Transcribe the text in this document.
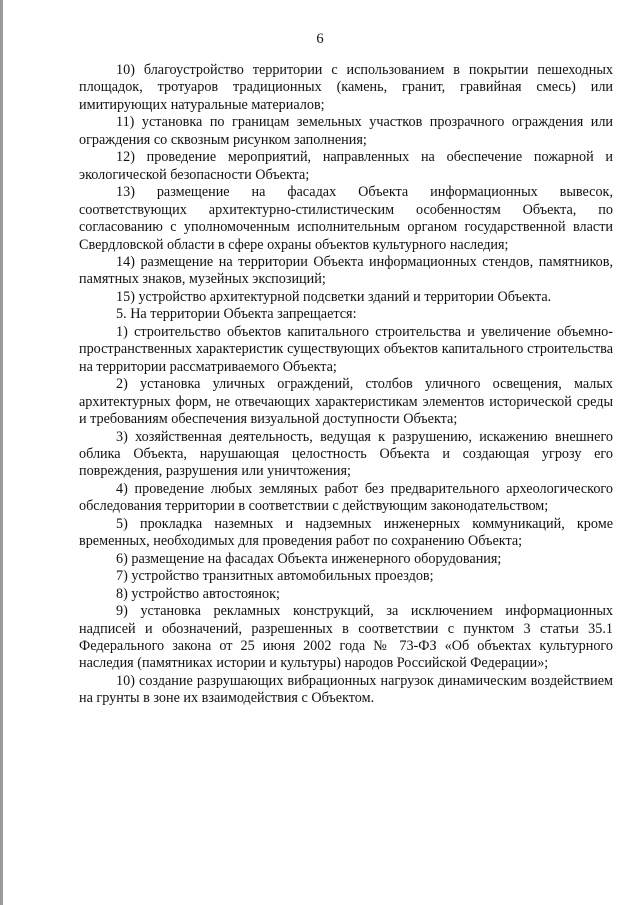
6

10) благоустройство территории с использованием в покрытии пешеходных площадок, тротуаров традиционных (камень, гранит, гравийная смесь) или имитирующих натуральные материалов;

11) установка по границам земельных участков прозрачного ограждения или ограждения со сквозным рисунком заполнения;

12) проведение мероприятий, направленных на обеспечение пожарной и экологической безопасности Объекта;

13) размещение на фасадах Объекта информационных вывесок, соответствующих архитектурно-стилистическим особенностям Объекта, по согласованию с уполномоченным исполнительным органом государственной власти Свердловской области в сфере охраны объектов культурного наследия;

14) размещение на территории Объекта информационных стендов, памятников, памятных знаков, музейных экспозиций;

15) устройство архитектурной подсветки зданий и территории Объекта.

5. На территории Объекта запрещается:

1) строительство объектов капитального строительства и увеличение объемно-пространственных характеристик существующих объектов капитального строительства на территории рассматриваемого Объекта;

2) установка уличных ограждений, столбов уличного освещения, малых архитектурных форм, не отвечающих характеристикам элементов исторической среды и требованиям обеспечения визуальной доступности Объекта;

3) хозяйственная деятельность, ведущая к разрушению, искажению внешнего облика Объекта, нарушающая целостность Объекта и создающая угрозу его повреждения, разрушения или уничтожения;

4) проведение любых земляных работ без предварительного археологического обследования территории в соответствии с действующим законодательством;

5) прокладка наземных и надземных инженерных коммуникаций, кроме временных, необходимых для проведения работ по сохранению Объекта;

6) размещение на фасадах Объекта инженерного оборудования;

7) устройство транзитных автомобильных проездов;

8) устройство автостоянок;

9) установка рекламных конструкций, за исключением информационных надписей и обозначений, разрешенных в соответствии с пунктом 3 статьи 35.1 Федерального закона от 25 июня 2002 года № 73-ФЗ «Об объектах культурного наследия (памятниках истории и культуры) народов Российской Федерации»;

10) создание разрушающих вибрационных нагрузок динамическим воздействием на грунты в зоне их взаимодействия с Объектом.
